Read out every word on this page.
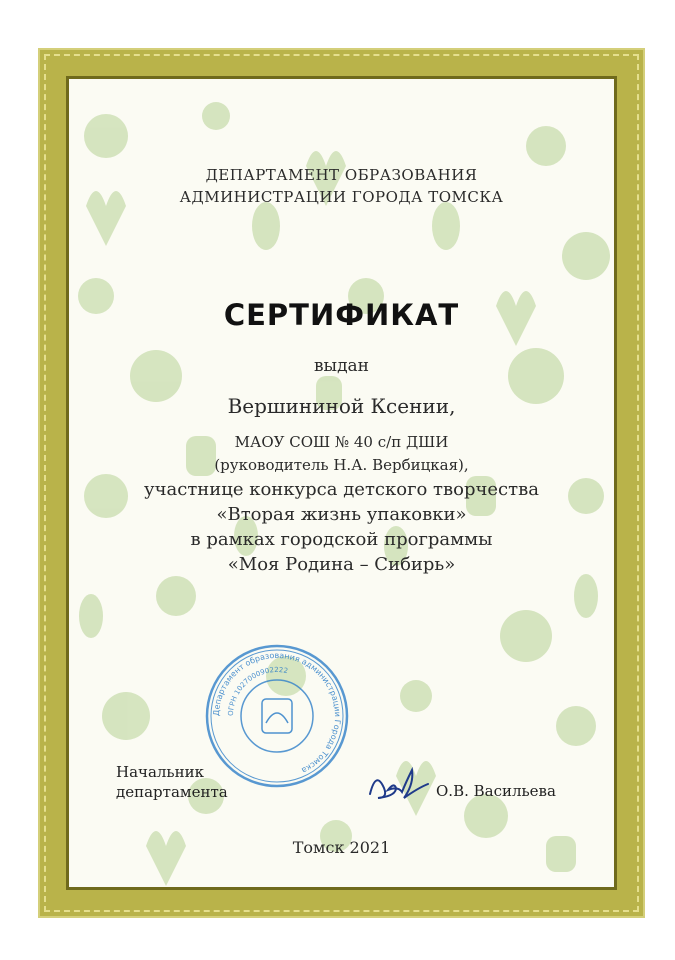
ДЕПАРТАМЕНТ ОБРАЗОВАНИЯ
АДМИНИСТРАЦИИ ГОРОДА ТОМСКА
СЕРТИФИКАТ
выдан
Вершининой Ксении,
МАОУ СОШ № 40 с/п ДШИ
(руководитель Н.А. Вербицкая),
участнице конкурса детского творчества
«Вторая жизнь упаковки»
в рамках городской программы
«Моя Родина – Сибирь»
Департамент образования администрации Города Томска
ОГРН 1027000902222
Начальник
департамента	О.В. Васильева
Томск 2021
